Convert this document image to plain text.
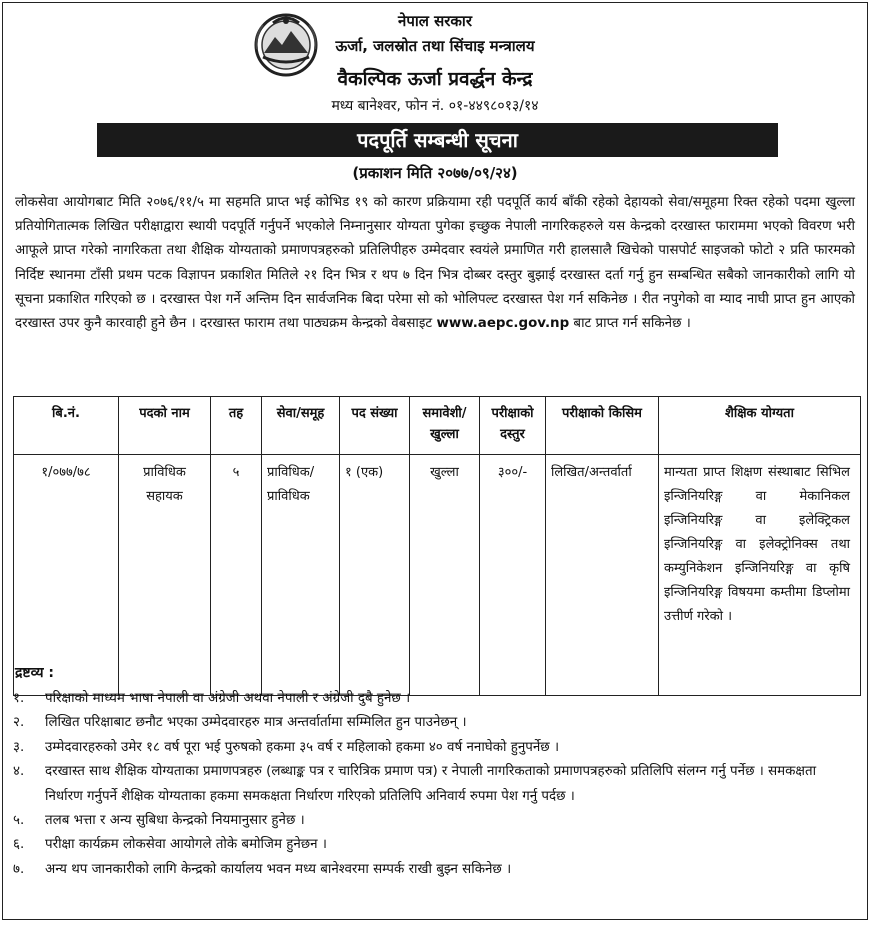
नेपाल सरकार
ऊर्जा, जलस्रोत तथा सिंचाइ मन्त्रालय
वैकल्पिक ऊर्जा प्रवर्द्धन केन्द्र
मध्य बानेश्वर, फोन नं. ०१-४४९८०१३/१४
पदपूर्ति सम्बन्धी सूचना
(प्रकाशन मिति २०७७/०९/२४)
लोकसेवा आयोगबाट मिति २०७६/११/५ मा सहमति प्राप्त भई कोभिड १९ को कारण प्रक्रियामा रही पदपूर्ति कार्य बाँकी रहेको देहायको सेवा/समूहमा रिक्त रहेको पदमा खुल्ला प्रतियोगितात्मक लिखित परीक्षाद्वारा स्थायी पदपूर्ति गर्नुपर्ने भएकोले निम्नानुसार योग्यता पुगेका इच्छुक नेपाली नागरिकहरुले यस केन्द्रको दरखास्त फाराममा भएको विवरण भरी आफूले प्राप्त गरेको नागरिकता तथा शैक्षिक योग्यताको प्रमाणपत्रहरुको प्रतिलिपीहरु उम्मेदवार स्वयंले प्रमाणित गरी हालसालै खिचेको पासपोर्ट साइजको फोटो २ प्रति फारमको निर्दिष्ट स्थानमा टाँसी प्रथम पटक विज्ञापन प्रकाशित मितिले २१ दिन भित्र र थप ७ दिन भित्र दोब्बर दस्तुर बुझाई दरखास्त दर्ता गर्नु हुन सम्बन्धित सबैको जानकारीको लागि यो सूचना प्रकाशित गरिएको छ । दरखास्त पेश गर्ने अन्तिम दिन सार्वजनिक बिदा परेमा सो को भोलिपल्ट दरखास्त पेश गर्न सकिनेछ । रीत नपुगेको वा म्याद नाघी प्राप्त हुन आएको दरखास्त उपर कुनै कारवाही हुने छैन । दरखास्त फाराम तथा पाठ्यक्रम केन्द्रको वेबसाइट www.aepc.gov.np बाट प्राप्त गर्न सकिनेछ ।
बि.नं.	पदको नाम	तह	सेवा/समूह	पद संख्या	समावेशी/ खुल्ला	परीक्षाको दस्तुर	परीक्षाको किसिम	शैक्षिक योग्यता
१/०७७/७८	प्राविधिक सहायक	५	प्राविधिक/ प्राविधिक	१ (एक)	खुल्ला	३००/-	लिखित/अन्तर्वार्ता	मान्यता प्राप्त शिक्षण संस्थाबाट सिभिल इन्जिनियरिङ्ग वा मेकानिकल इन्जिनियरिङ्ग वा इलेक्ट्रिकल इन्जिनियरिङ्ग वा इलेक्ट्रोनिक्स तथा कम्युनिकेशन इन्जिनियरिङ्ग वा कृषि इन्जिनियरिङ्ग विषयमा कम्तीमा डिप्लोमा उत्तीर्ण गरेको ।
द्रष्टव्य :
१.	परिक्षाको माध्यम भाषा नेपाली वा अंग्रेजी अथवा नेपाली र अंग्रेजी दुबै हुनेछ ।
२.	लिखित परिक्षाबाट छनौट भएका उम्मेदवारहरु मात्र अन्तर्वार्तामा सम्मिलित हुन पाउनेछन् ।
३.	उम्मेदवारहरुको उमेर १८ वर्ष पूरा भई पुरुषको हकमा ३५ वर्ष र महिलाको हकमा ४० वर्ष ननाघेको हुनुपर्नेछ ।
४.	दरखास्त साथ शैक्षिक योग्यताका प्रमाणपत्रहरु (लब्धाङ्क पत्र र चारित्रिक प्रमाण पत्र) र नेपाली नागरिकताको प्रमाणपत्रहरुको प्रतिलिपि संलग्न गर्नु पर्नेछ । समकक्षता निर्धारण गर्नुपर्ने शैक्षिक योग्यताका हकमा समकक्षता निर्धारण गरिएको प्रतिलिपि अनिवार्य रुपमा पेश गर्नु पर्दछ ।
५.	तलब भत्ता र अन्य सुबिधा केन्द्रको नियमानुसार हुनेछ ।
६.	परीक्षा कार्यक्रम लोकसेवा आयोगले तोके बमोजिम हुनेछन ।
७.	अन्य थप जानकारीको लागि केन्द्रको कार्यालय भवन मध्य बानेश्वरमा सम्पर्क राखी बुझ्न सकिनेछ ।
